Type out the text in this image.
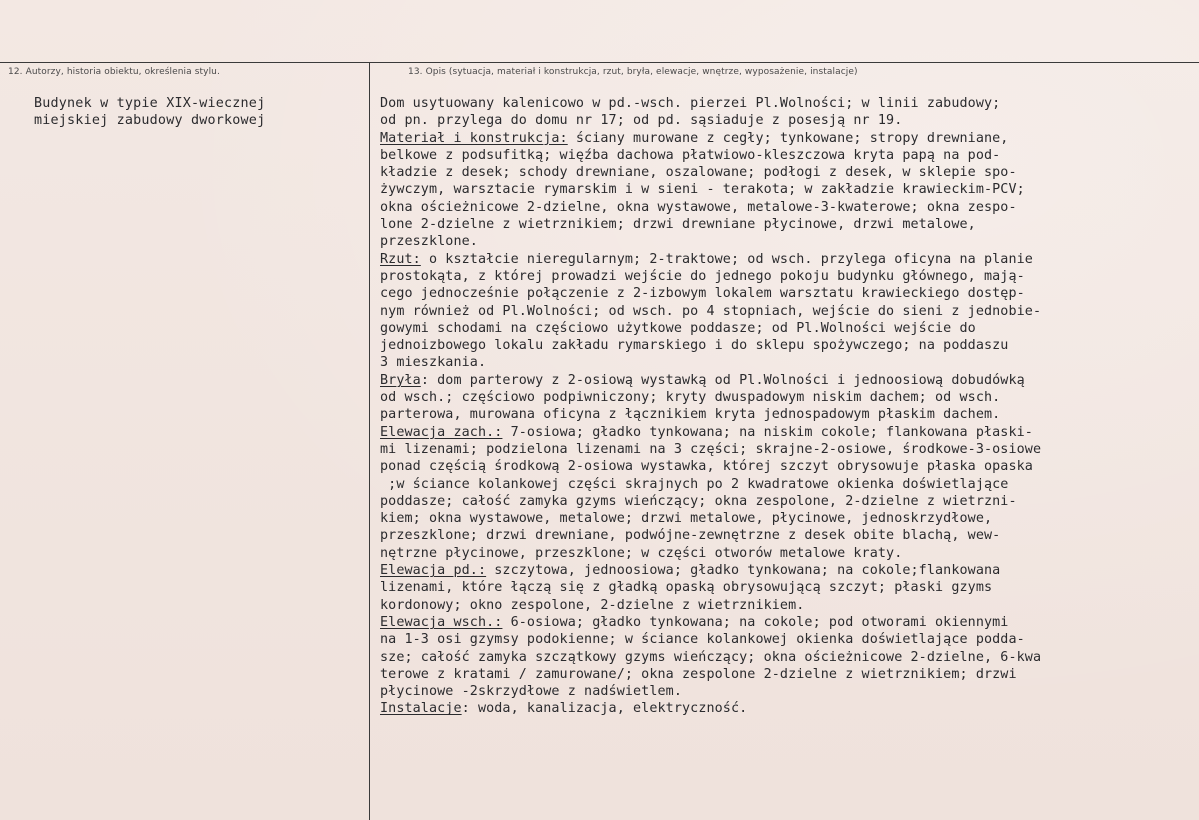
12. Autorzy, historia obiektu, określenia stylu.	13. Opis (sytuacja, materiał i konstrukcja, rzut, bryła, elewacje, wnętrze, wyposażenie, instalacje)
Budynek w typie XIX-wiecznej
miejskiej zabudowy dworkowej
Dom usytuowany kalenicowo w pd.-wsch. pierzei Pl.Wolności; w linii zabudowy;
od pn. przylega do domu nr 17; od pd. sąsiaduje z posesją nr 19.
Materiał i konstrukcja: ściany murowane z cegły; tynkowane; stropy drewniane,
belkowe z podsufitką; więźba dachowa płatwiowo-kleszczowa kryta papą na pod-
kładzie z desek; schody drewniane, oszalowane; podłogi z desek, w sklepie spo-
żywczym, warsztacie rymarskim i w sieni - terakota; w zakładzie krawieckim-PCV;
okna ościeżnicowe 2-dzielne, okna wystawowe, metalowe-3-kwaterowe; okna zespo-
lone 2-dzielne z wietrznikiem; drzwi drewniane płycinowe, drzwi metalowe,
przeszklone.
Rzut: o kształcie nieregularnym; 2-traktowe; od wsch. przylega oficyna na planie
prostokąta, z której prowadzi wejście do jednego pokoju budynku głównego, mają-
cego jednocześnie połączenie z 2-izbowym lokalem warsztatu krawieckiego dostęp-
nym również od Pl.Wolności; od wsch. po 4 stopniach, wejście do sieni z jednobie-
gowymi schodami na częściowo użytkowe poddasze; od Pl.Wolności wejście do
jednoizbowego lokalu zakładu rymarskiego i do sklepu spożywczego; na poddaszu
3 mieszkania.
Bryła: dom parterowy z 2-osiową wystawką od Pl.Wolności i jednoosiową dobudówką
od wsch.; częściowo podpiwniczony; kryty dwuspadowym niskim dachem; od wsch.
parterowa, murowana oficyna z łącznikiem kryta jednospadowym płaskim dachem.
Elewacja zach.: 7-osiowa; gładko tynkowana; na niskim cokole; flankowana płaski-
mi lizenami; podzielona lizenami na 3 części; skrajne-2-osiowe, środkowe-3-osiowe
ponad częścią środkową 2-osiowa wystawka, której szczyt obrysowuje płaska opaska
;w ściance kolankowej części skrajnych po 2 kwadratowe okienka doświetlające
poddasze; całość zamyka gzyms wieńczący; okna zespolone, 2-dzielne z wietrzni-
kiem; okna wystawowe, metalowe; drzwi metalowe, płycinowe, jednoskrzydłowe,
przeszklone; drzwi drewniane, podwójne-zewnętrzne z desek obite blachą, wew-
nętrzne płycinowe, przeszklone; w części otworów metalowe kraty.
Elewacja pd.: szczytowa, jednoosiowa; gładko tynkowana; na cokole;flankowana
lizenami, które łączą się z gładką opaską obrysowującą szczyt; płaski gzyms
kordonowy; okno zespolone, 2-dzielne z wietrznikiem.
Elewacja wsch.: 6-osiowa; gładko tynkowana; na cokole; pod otworami okiennymi
na 1-3 osi gzymsy podokienne; w ściance kolankowej okienka doświetlające podda-
sze; całość zamyka szczątkowy gzyms wieńczący; okna ościeżnicowe 2-dzielne, 6-kwa
terowe z kratami / zamurowane/; okna zespolone 2-dzielne z wietrznikiem; drzwi
płycinowe -2skrzydłowe z nadświetlem.
Instalacje: woda, kanalizacja, elektryczność.
